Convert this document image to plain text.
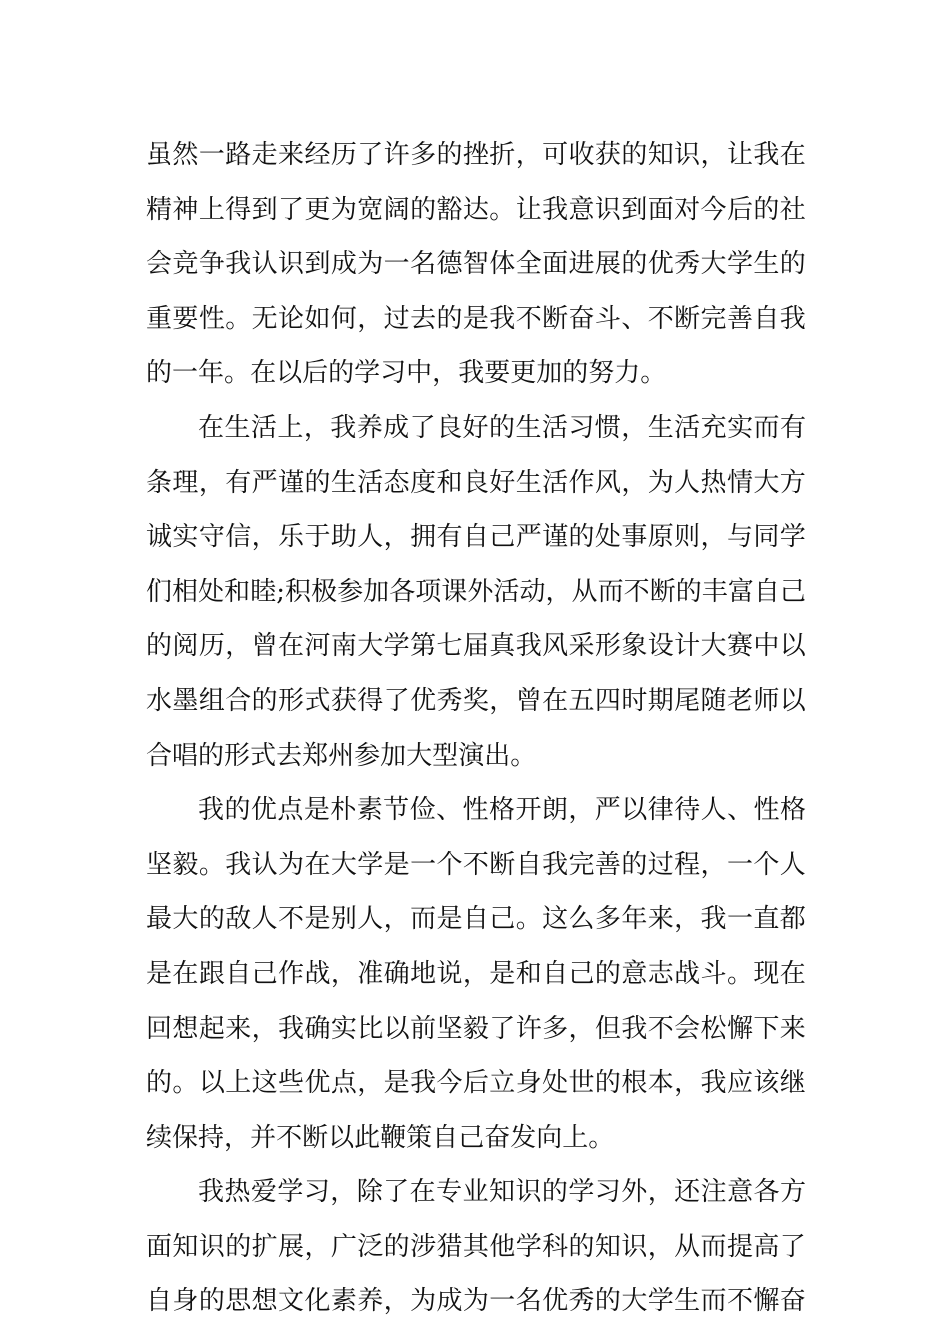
虽 然 一 路 走 来 经 历 了 许 多 的 挫 折 ， 可 收 获 的 知 识 ， 让 我 在
精 神 上 得 到 了 更 为 宽 阔 的 豁 达 。 让 我 意 识 到 面 对 今 后 的 社
会 竞 争 我 认 识 到 成 为 一 名 德 智 体 全 面 进 展 的 优 秀 大 学 生 的
重 要 性 。 无 论 如 何 ， 过 去 的 是 我 不 断 奋 斗 、 不 断 完 善 自 我
的 一 年 。 在 以 后 的 学 习 中 ， 我 要 更 加 的 努 力 。
在 生 活 上 ， 我 养 成 了 良 好 的 生 活 习 惯 ， 生 活 充 实 而 有
条 理 ， 有 严 谨 的 生 活 态 度 和 良 好 生 活 作 风 ， 为 人 热 情 大 方
诚 实 守 信 ， 乐 于 助 人 ， 拥 有 自 己 严 谨 的 处 事 原 则 ， 与 同 学
们 相 处 和 睦 ; 积 极 参 加 各 项 课 外 活 动 ， 从 而 不 断 的 丰 富 自 己
的 阅 历 ， 曾 在 河 南 大 学 第 七 届 真 我 风 采 形 象 设 计 大 赛 中 以
水 墨 组 合 的 形 式 获 得 了 优 秀 奖 ， 曾 在 五 四 时 期 尾 随 老 师 以
合 唱 的 形 式 去 郑 州 参 加 大 型 演 出 。
我 的 优 点 是 朴 素 节 俭 、 性 格 开 朗 ， 严 以 律 待 人 、 性 格
坚 毅 。 我 认 为 在 大 学 是 一 个 不 断 自 我 完 善 的 过 程 ， 一 个 人
最 大 的 敌 人 不 是 别 人 ， 而 是 自 己 。 这 么 多 年 来 ， 我 一 直 都
是 在 跟 自 己 作 战 ， 准 确 地 说 ， 是 和 自 己 的 意 志 战 斗 。 现 在
回 想 起 来 ， 我 确 实 比 以 前 坚 毅 了 许 多 ， 但 我 不 会 松 懈 下 来
的 。 以 上 这 些 优 点 ， 是 我 今 后 立 身 处 世 的 根 本 ， 我 应 该 继
续 保 持 ， 并 不 断 以 此 鞭 策 自 己 奋 发 向 上 。
我 热 爱 学 习 ， 除 了 在 专 业 知 识 的 学 习 外 ， 还 注 意 各 方
面 知 识 的 扩 展 ， 广 泛 的 涉 猎 其 他 学 科 的 知 识 ， 从 而 提 高 了
自 身 的 思 想 文 化 素 养 ， 为 成 为 一 名 优 秀 的 大 学 生 而 不 懈 奋
